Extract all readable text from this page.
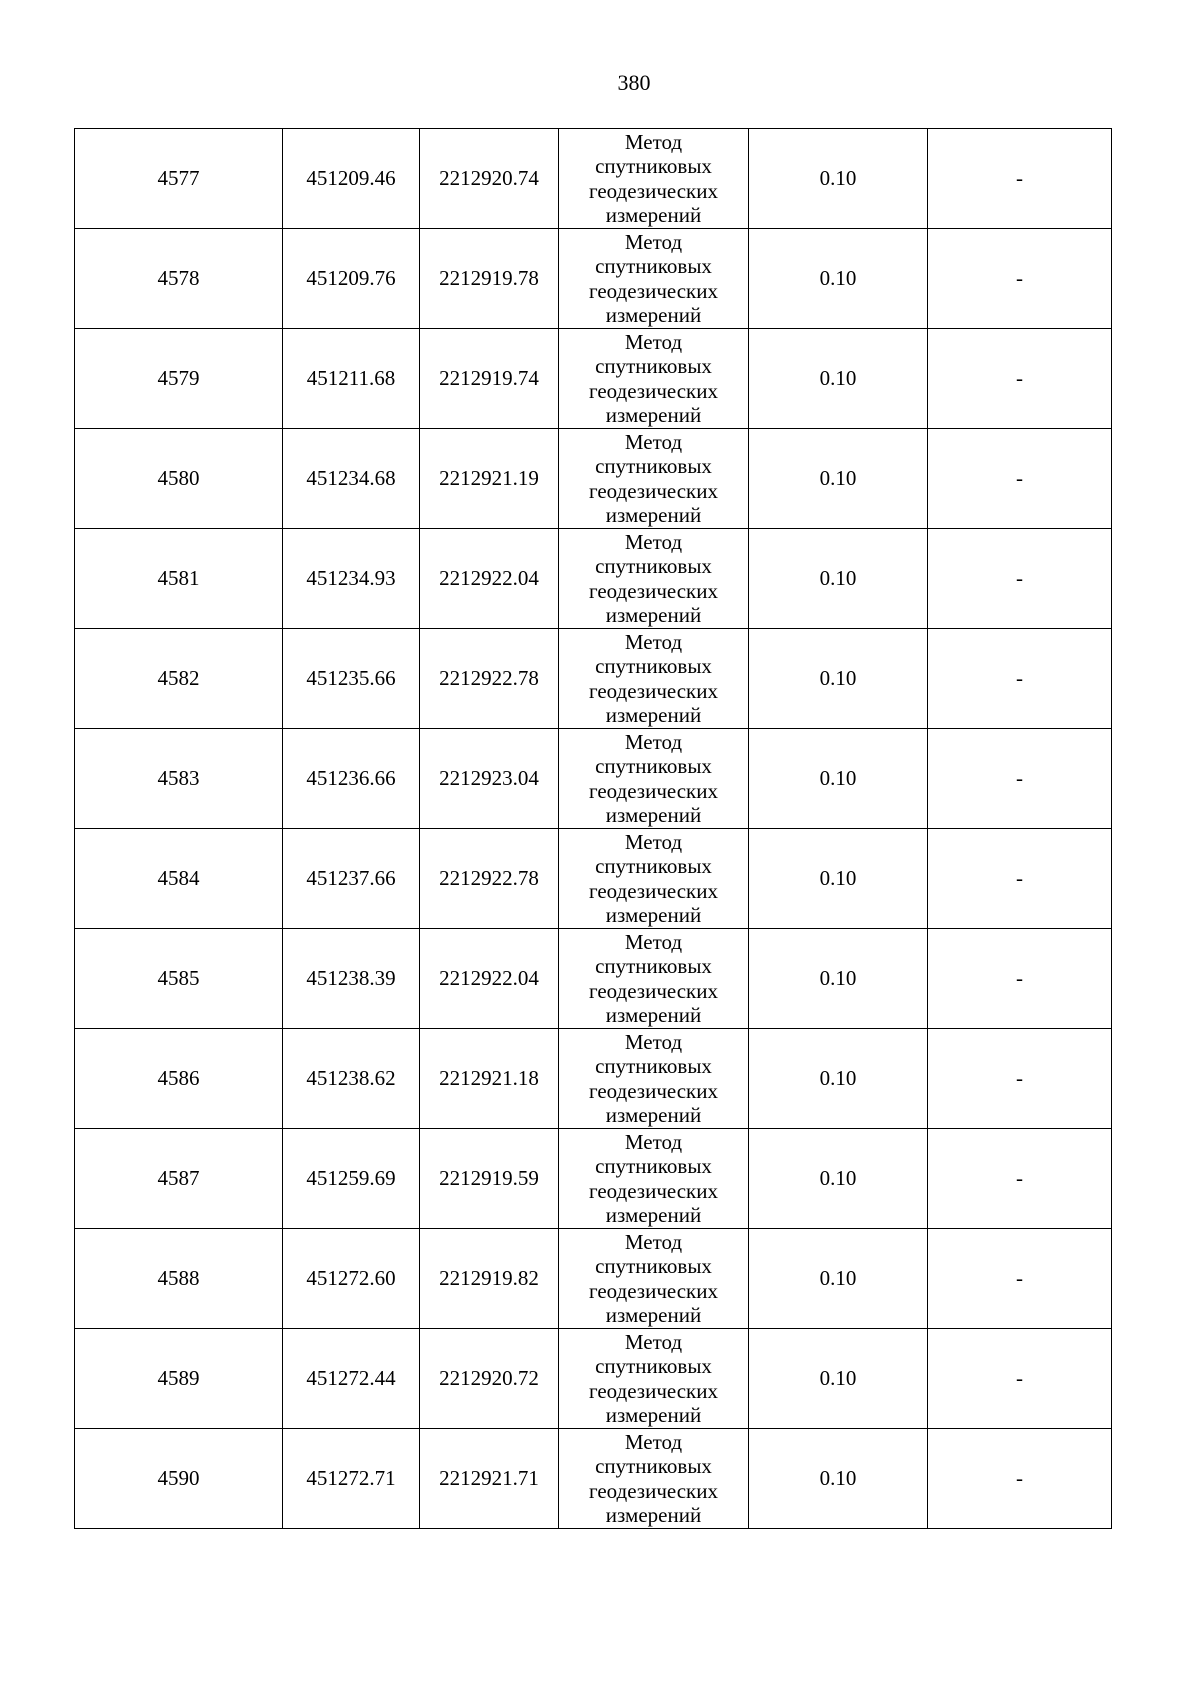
380
4577	451209.46	2212920.74	Метод
спутниковых
геодезических
измерений	0.10	-
4578	451209.76	2212919.78	Метод
спутниковых
геодезических
измерений	0.10	-
4579	451211.68	2212919.74	Метод
спутниковых
геодезических
измерений	0.10	-
4580	451234.68	2212921.19	Метод
спутниковых
геодезических
измерений	0.10	-
4581	451234.93	2212922.04	Метод
спутниковых
геодезических
измерений	0.10	-
4582	451235.66	2212922.78	Метод
спутниковых
геодезических
измерений	0.10	-
4583	451236.66	2212923.04	Метод
спутниковых
геодезических
измерений	0.10	-
4584	451237.66	2212922.78	Метод
спутниковых
геодезических
измерений	0.10	-
4585	451238.39	2212922.04	Метод
спутниковых
геодезических
измерений	0.10	-
4586	451238.62	2212921.18	Метод
спутниковых
геодезических
измерений	0.10	-
4587	451259.69	2212919.59	Метод
спутниковых
геодезических
измерений	0.10	-
4588	451272.60	2212919.82	Метод
спутниковых
геодезических
измерений	0.10	-
4589	451272.44	2212920.72	Метод
спутниковых
геодезических
измерений	0.10	-
4590	451272.71	2212921.71	Метод
спутниковых
геодезических
измерений	0.10	-
